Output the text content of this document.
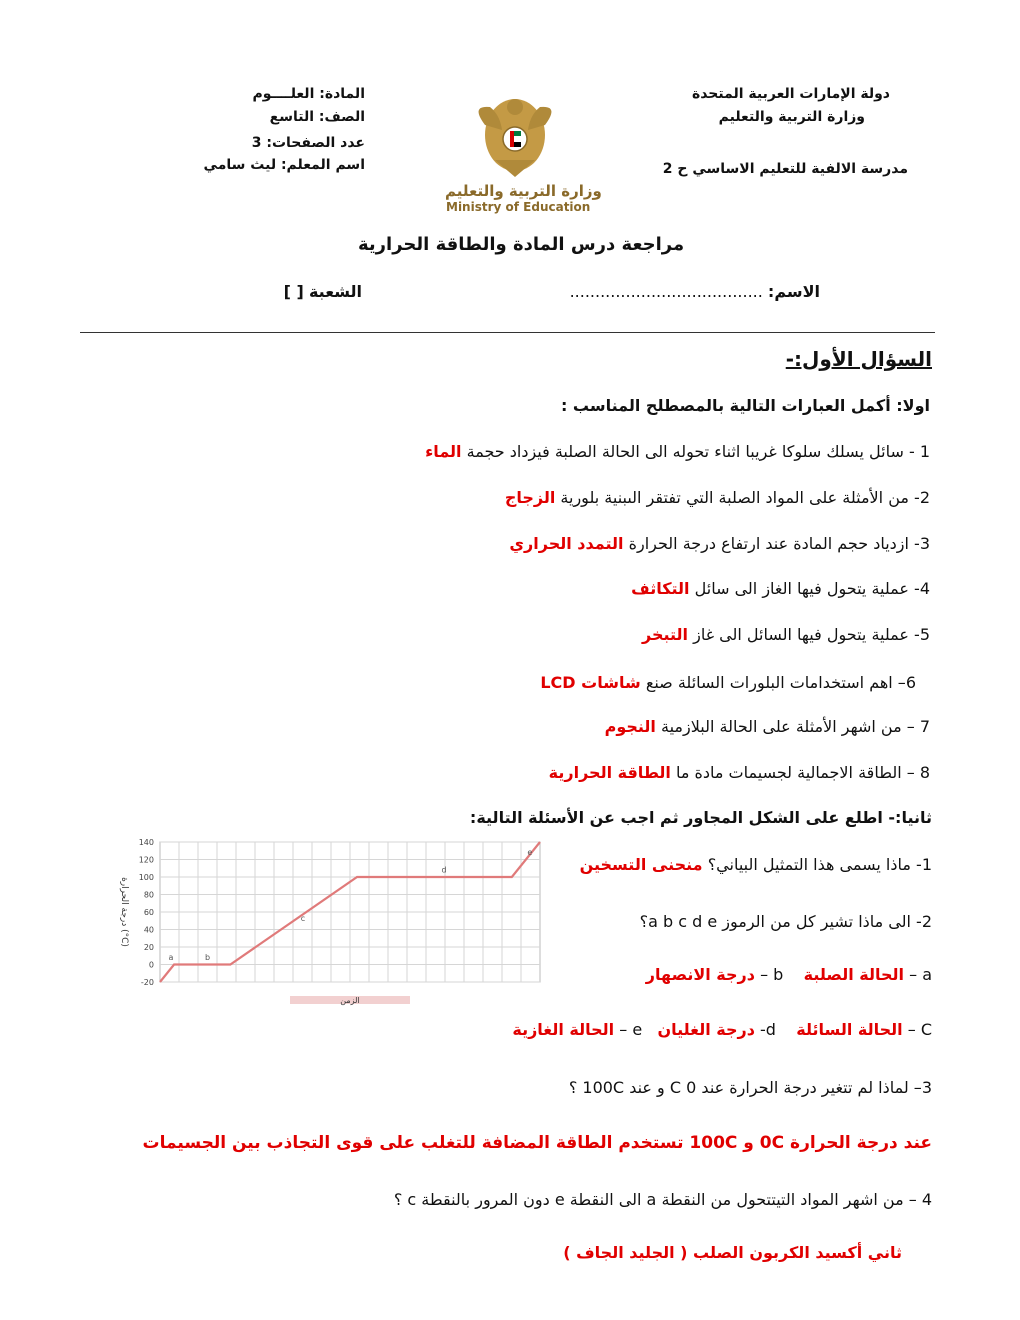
دولة الإمارات العربية المتحدة
وزارة التربية والتعليم
مدرسة الالفية للتعليم الاساسي ح 2
المادة: العلــــوم
الصف: التاسع
عدد الصفحات: 3
اسم المعلم: ليث سامي
وزارة التربية والتعليم
Ministry of Education
مراجعة درس المادة والطاقة الحرارية
الاسم: ......................................
الشعبة [ ]
السؤال الأول:-
اولا: أكمل العبارات التالية بالمصطلح المناسب :
1 - سائل يسلك سلوكا غريبا اثناء تحوله الى الحالة الصلبة فيزداد حجمة الماء
2- من الأمثلة على المواد الصلبة التي تفتقر الىبنية بلورية الزجاج
3- ازدياد حجم المادة عند ارتفاع درجة الحرارة التمدد الحراري
4- عملية يتحول فيها الغاز الى سائل التكاثف
5- عملية يتحول فيها السائل الى غاز التبخر
6– اهم استخدامات البلورات السائلة صنع شاشات LCD
7 – من اشهر الأمثلة على الحالة البلازمية النجوم
8 – الطاقة الاجمالية لجسيمات مادة ما الطاقة الحرارية
ثانيا:- اطلع على الشكل المجاور ثم اجب عن الأسئلة التالية:
140
120
100
80
60
40
20
0
-20
a	b
c
d
e
درجة الحرارة (°C)
الزمن
1- ماذا يسمى هذا التمثيل البياني؟ منحنى التسخين
2- الى ماذا تشير كل من الرموز a b c d e؟
a – الحالة الصلبة    b – درجة الانصهار
C – الحالة السائلة    d- درجة الغليان   e – الحالة الغازية
3– لماذا لم تتغير درجة الحرارة عند 0 C و عند 100C ؟
عند درجة الحرارة 0C و 100C تستخدم الطاقة المضافة للتغلب على قوى التجاذب بين الجسيمات
4 – من اشهر المواد التيتتحول من النقطة a الى النقطة e دون المرور بالنقطة c ؟
ثاني أكسيد الكربون الصلب ( الجليد الجاف )
